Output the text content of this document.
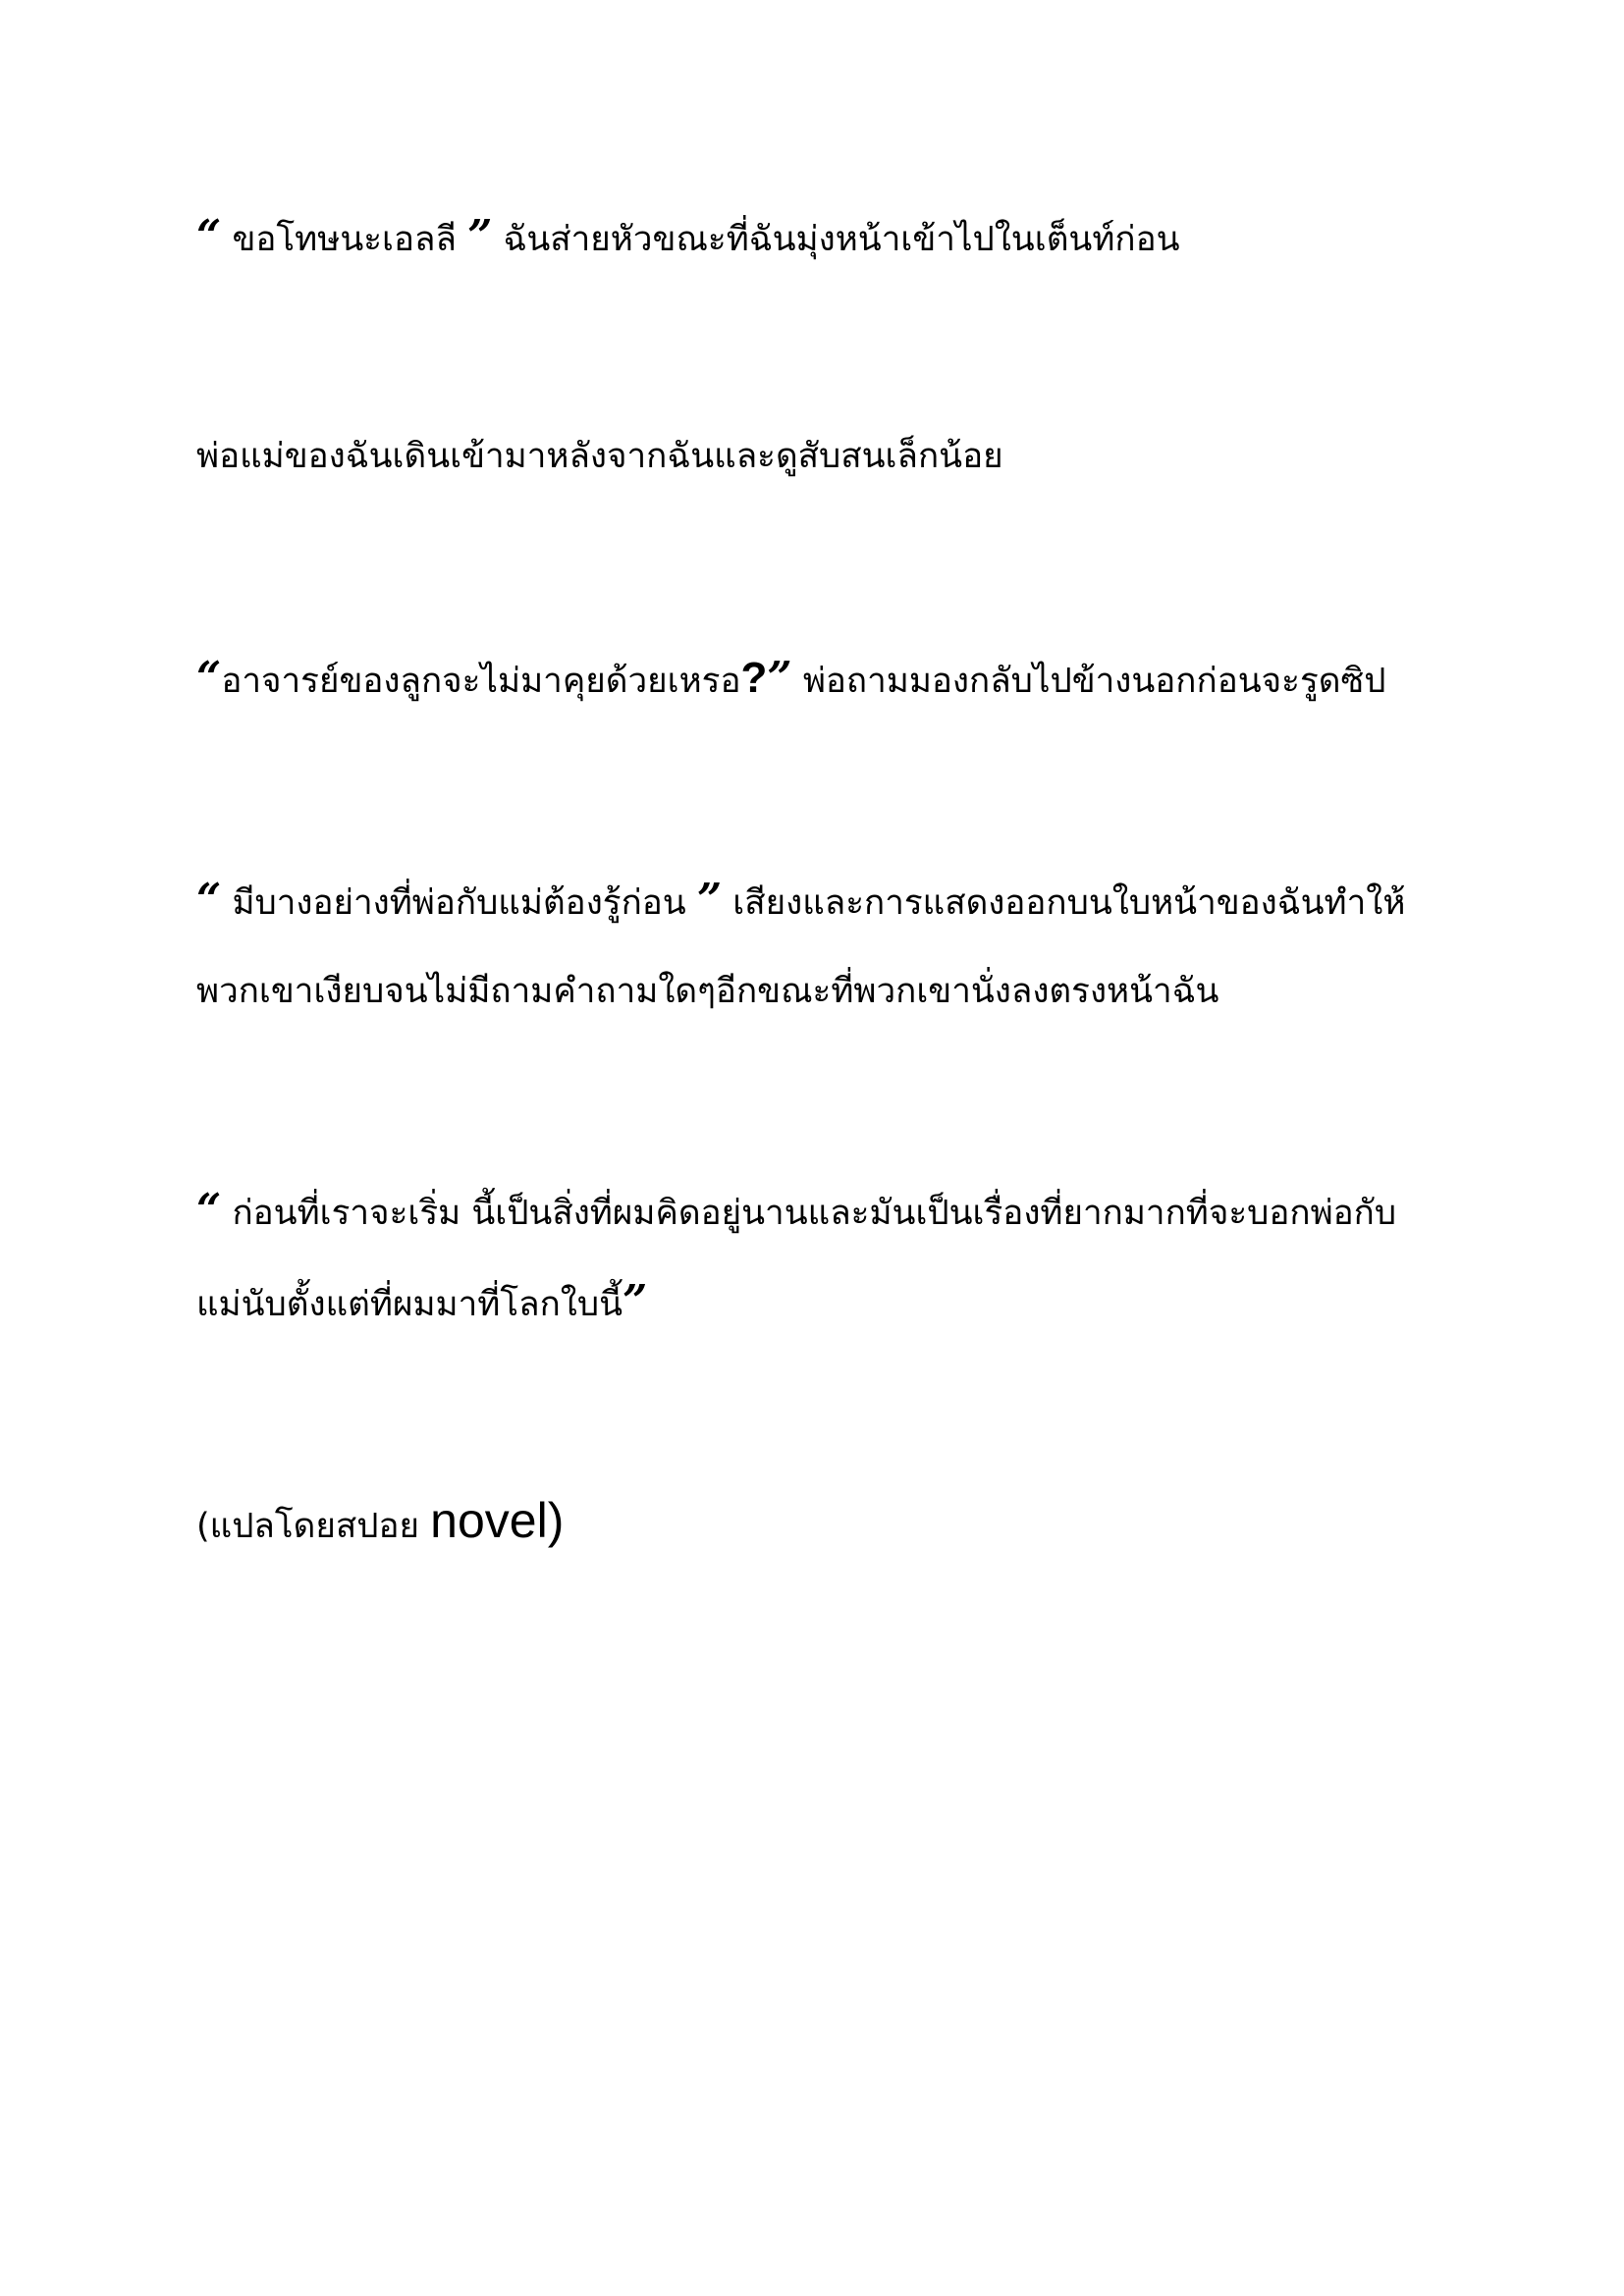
“ ขอโทษนะเอลลี ” ฉันส่ายหัวขณะที่ฉันมุ่งหน้าเข้าไปในเต็นท์ก่อน

พ่อแม่ของฉันเดินเข้ามาหลังจากฉันและดูสับสนเล็กน้อย

“อาจารย์ของลูกจะไม่มาคุยด้วยเหรอ?” พ่อถามมองกลับไปข้างนอกก่อนจะรูดซิป

“ มีบางอย่างที่พ่อกับแม่ต้องรู้ก่อน ” เสียงและการแสดงออกบนใบหน้าของฉันทำให้
พวกเขาเงียบจนไม่มีถามคำถามใดๆอีกขณะที่พวกเขานั่งลงตรงหน้าฉัน

“ ก่อนที่เราจะเริ่ม นี้เป็นสิ่งที่ผมคิดอยู่นานและมันเป็นเรื่องที่ยากมากที่จะบอกพ่อกับ
แม่นับตั้งแต่ที่ผมมาที่โลกใบนี้”

(แปลโดยสปอย novel)
